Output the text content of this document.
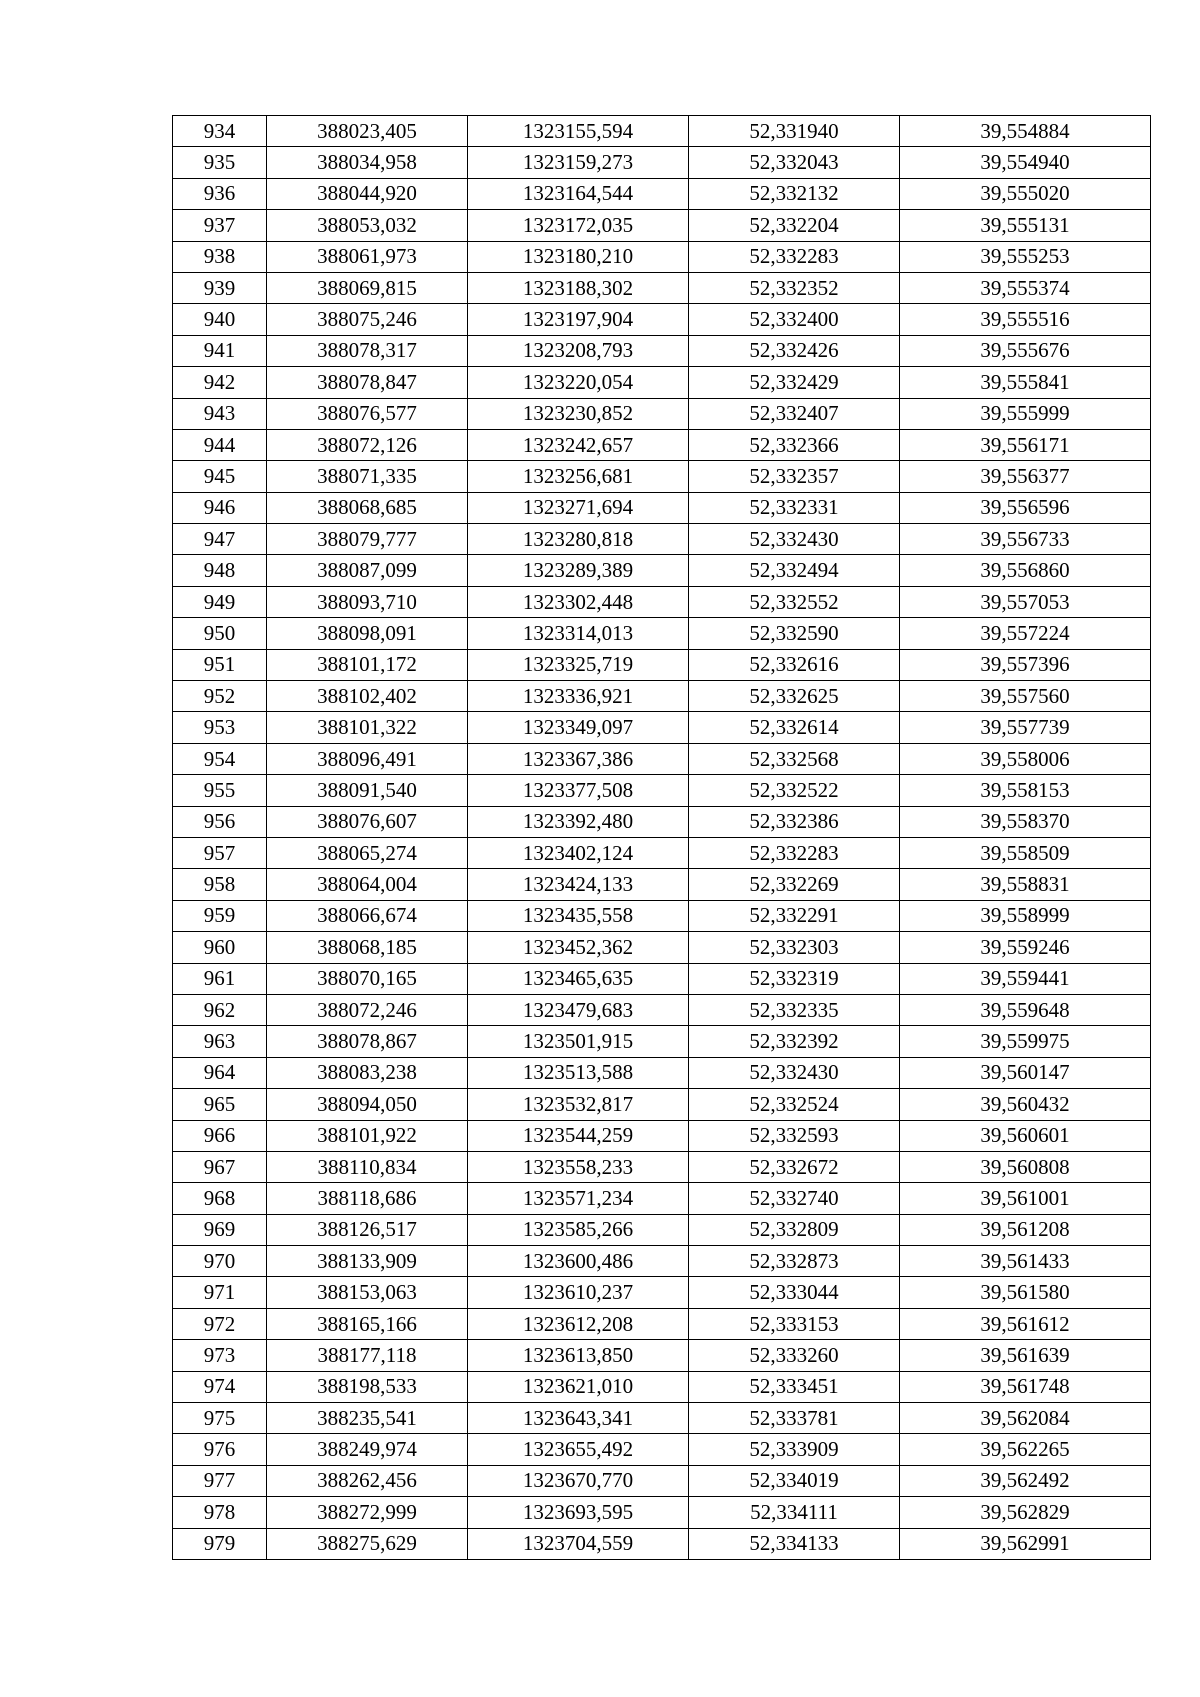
934	388023,405	1323155,594	52,331940	39,554884
935	388034,958	1323159,273	52,332043	39,554940
936	388044,920	1323164,544	52,332132	39,555020
937	388053,032	1323172,035	52,332204	39,555131
938	388061,973	1323180,210	52,332283	39,555253
939	388069,815	1323188,302	52,332352	39,555374
940	388075,246	1323197,904	52,332400	39,555516
941	388078,317	1323208,793	52,332426	39,555676
942	388078,847	1323220,054	52,332429	39,555841
943	388076,577	1323230,852	52,332407	39,555999
944	388072,126	1323242,657	52,332366	39,556171
945	388071,335	1323256,681	52,332357	39,556377
946	388068,685	1323271,694	52,332331	39,556596
947	388079,777	1323280,818	52,332430	39,556733
948	388087,099	1323289,389	52,332494	39,556860
949	388093,710	1323302,448	52,332552	39,557053
950	388098,091	1323314,013	52,332590	39,557224
951	388101,172	1323325,719	52,332616	39,557396
952	388102,402	1323336,921	52,332625	39,557560
953	388101,322	1323349,097	52,332614	39,557739
954	388096,491	1323367,386	52,332568	39,558006
955	388091,540	1323377,508	52,332522	39,558153
956	388076,607	1323392,480	52,332386	39,558370
957	388065,274	1323402,124	52,332283	39,558509
958	388064,004	1323424,133	52,332269	39,558831
959	388066,674	1323435,558	52,332291	39,558999
960	388068,185	1323452,362	52,332303	39,559246
961	388070,165	1323465,635	52,332319	39,559441
962	388072,246	1323479,683	52,332335	39,559648
963	388078,867	1323501,915	52,332392	39,559975
964	388083,238	1323513,588	52,332430	39,560147
965	388094,050	1323532,817	52,332524	39,560432
966	388101,922	1323544,259	52,332593	39,560601
967	388110,834	1323558,233	52,332672	39,560808
968	388118,686	1323571,234	52,332740	39,561001
969	388126,517	1323585,266	52,332809	39,561208
970	388133,909	1323600,486	52,332873	39,561433
971	388153,063	1323610,237	52,333044	39,561580
972	388165,166	1323612,208	52,333153	39,561612
973	388177,118	1323613,850	52,333260	39,561639
974	388198,533	1323621,010	52,333451	39,561748
975	388235,541	1323643,341	52,333781	39,562084
976	388249,974	1323655,492	52,333909	39,562265
977	388262,456	1323670,770	52,334019	39,562492
978	388272,999	1323693,595	52,334111	39,562829
979	388275,629	1323704,559	52,334133	39,562991
